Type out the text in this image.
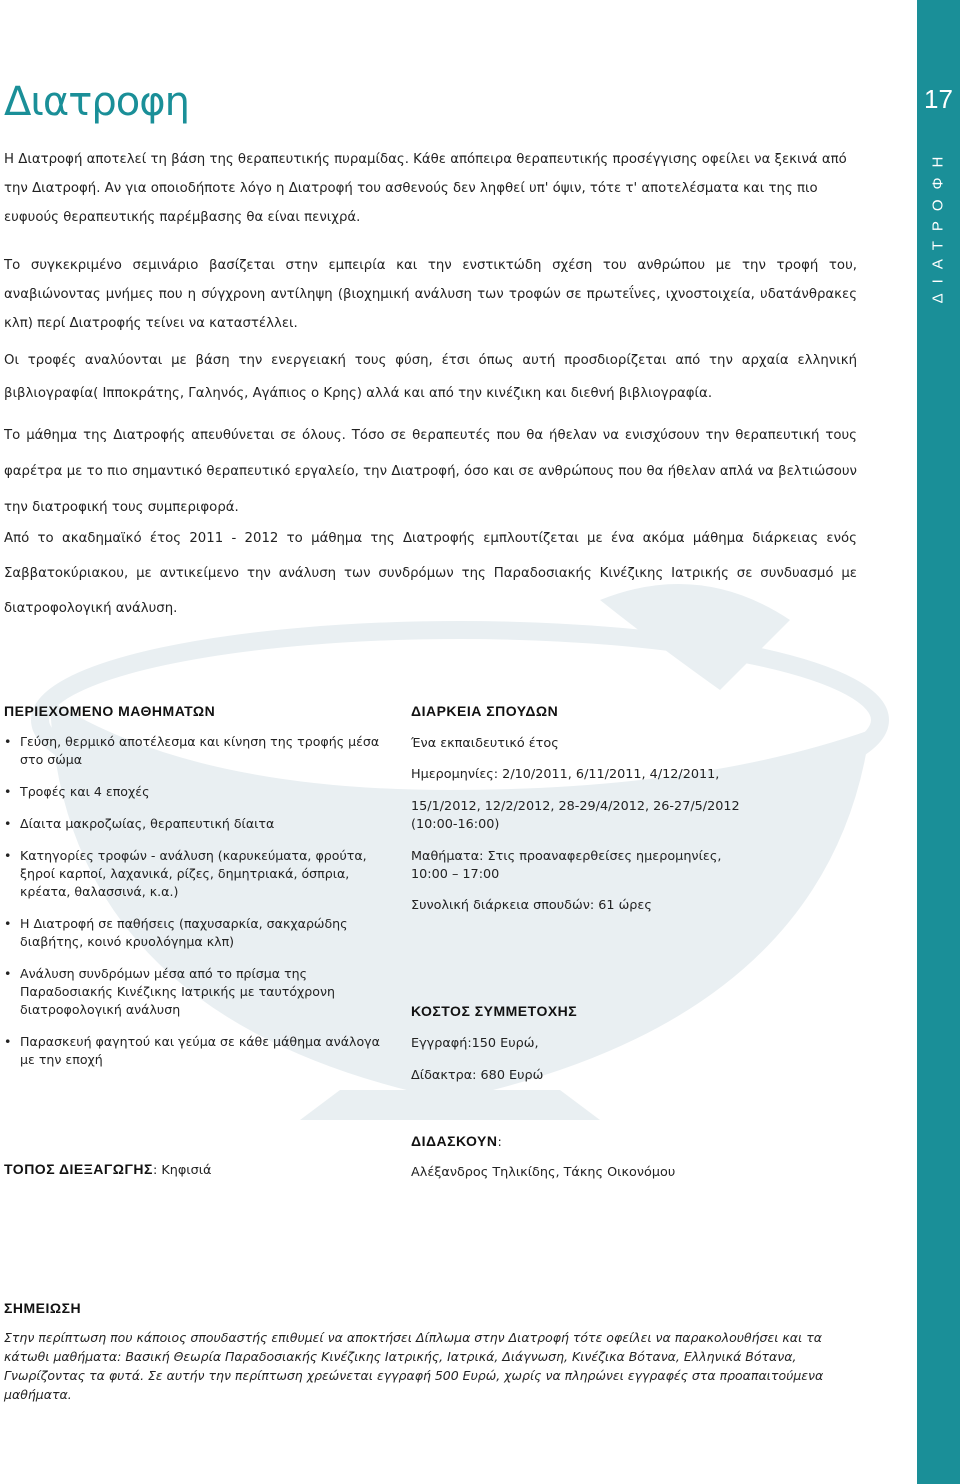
17
ΔΙΑΤΡΟΦΗ
Διατροφη

Η Διατροφή αποτελεί τη βάση της θεραπευτικής πυραμίδας. Κάθε απόπειρα θεραπευτικής προσέγγισης οφείλει να ξεκινά από την Διατροφή. Αν για οποιοδήποτε λόγο η Διατροφή του ασθενούς δεν ληφθεί υπ' όψιν, τότε τ' αποτελέσματα και της πιο ευφυούς θεραπευτικής παρέμβασης θα είναι πενιχρά.

Το συγκεκριμένο σεμινάριο βασίζεται στην εμπειρία και την ενστικτώδη σχέση του ανθρώπου με την τροφή του, αναβιώνοντας μνήμες που η σύγχρονη αντίληψη (βιοχημική ανάλυση των τροφών σε πρωτεΐνες, ιχνοστοιχεία, υδατάνθρακες κλπ) περί Διατροφής τείνει να καταστέλλει.

Οι τροφές αναλύονται με βάση την ενεργειακή τους φύση, έτσι όπως αυτή προσδιορίζεται από την αρχαία ελληνική βιβλιογραφία( Ιπποκράτης, Γαληνός, Αγάπιος ο Κρης) αλλά και από την κινέζικη και διεθνή βιβλιογραφία.

Το μάθημα της Διατροφής απευθύνεται σε όλους. Τόσο σε θεραπευτές που θα ήθελαν να ενισχύσουν την θεραπευτική τους φαρέτρα με το πιο σημαντικό θεραπευτικό εργαλείο, την Διατροφή, όσο και σε ανθρώπους που θα ήθελαν απλά να βελτιώσουν την διατροφική τους συμπεριφορά.

Από το ακαδημαϊκό έτος 2011 - 2012 το μάθημα της Διατροφής εμπλουτίζεται με ένα ακόμα μάθημα διάρκειας ενός Σαββατοκύριακου, με αντικείμενο την ανάλυση των συνδρόμων της Παραδοσιακής Κινέζικης Ιατρικής σε συνδυασμό με διατροφολογική ανάλυση.

ΠΕΡΙΕΧΟΜΕΝΟ ΜΑΘΗΜΑΤΩΝ
• Γεύση, θερμικό αποτέλεσμα και κίνηση της τροφής μέσα στο σώμα
• Τροφές και 4 εποχές
• Δίαιτα μακροζωίας, θεραπευτική δίαιτα
• Κατηγορίες τροφών - ανάλυση (καρυκεύματα, φρούτα, ξηροί καρποί, λαχανικά, ρίζες, δημητριακά, όσπρια, κρέατα, θαλασσινά, κ.α.)
• Η Διατροφή σε παθήσεις (παχυσαρκία, σακχαρώδης διαβήτης, κοινό κρυολόγημα κλπ)
• Ανάλυση συνδρόμων μέσα από το πρίσμα της Παραδοσιακής Κινέζικης Ιατρικής με ταυτόχρονη διατροφολογική ανάλυση
• Παρασκευή φαγητού και γεύμα σε κάθε μάθημα ανάλογα με την εποχή
ΔΙΑΡΚΕΙΑ ΣΠΟΥΔΩΝ

Ένα εκπαιδευτικό έτος

Ημερομηνίες: 2/10/2011, 6/11/2011, 4/12/2011,

15/1/2012, 12/2/2012, 28-29/4/2012, 26-27/5/2012

(10:00-16:00)

Μαθήματα: Στις προαναφερθείσες ημερομηνίες,

10:00 – 17:00

Συνολική διάρκεια σπουδών: 61 ώρες

ΚΟΣΤΟΣ ΣΥΜΜΕΤΟΧΗΣ

Εγγραφή:150 Ευρώ,

Δίδακτρα: 680 Ευρώ

ΔΙΔΑΣΚΟΥΝ:

Αλέξανδρος Τηλικίδης, Τάκης Οικονόμου

ΤΟΠΟΣ ΔΙΕΞΑΓΩΓΗΣ: Κηφισιά

ΣΗΜΕΙΩΣΗ

Στην περίπτωση που κάποιος σπουδαστής επιθυμεί να αποκτήσει Δίπλωμα στην Διατροφή τότε οφείλει να παρακολουθήσει και τα κάτωθι μαθήματα: Βασική Θεωρία Παραδοσιακής Κινέζικης Ιατρικής, Ιατρικά, Διάγνωση, Κινέζικα Βότανα, Ελληνικά Βότανα, Γνωρίζοντας τα φυτά. Σε αυτήν την περίπτωση χρεώνεται εγγραφή 500 Ευρώ, χωρίς να πληρώνει εγγραφές στα προαπαιτούμενα μαθήματα.
